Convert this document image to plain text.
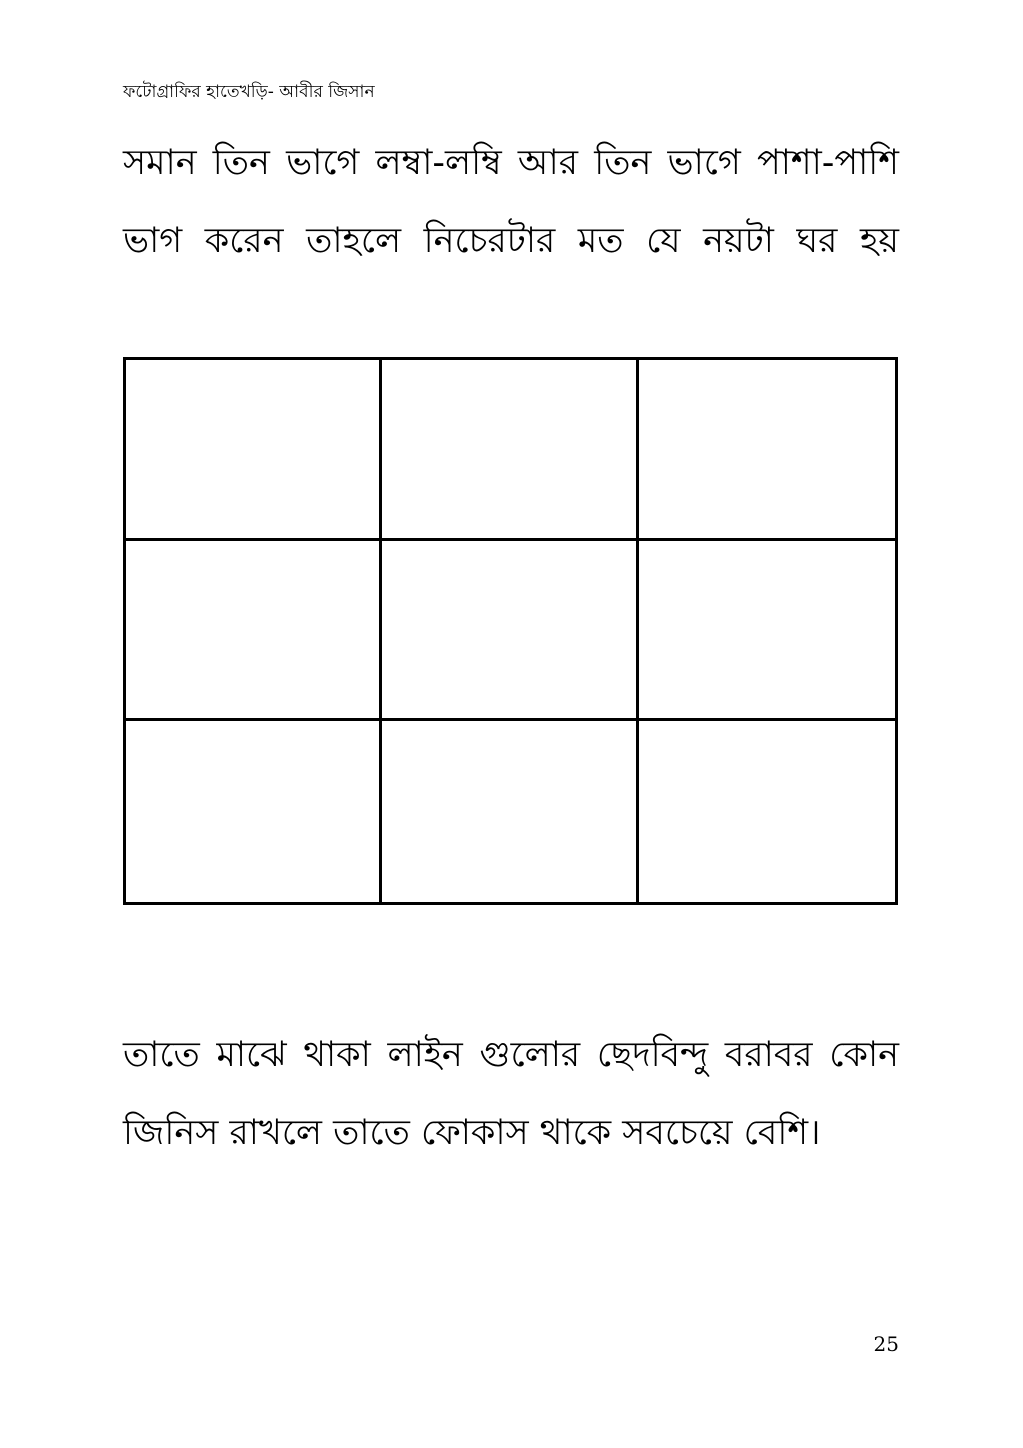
ফটোগ্রাফির হাতেখড়ি- আবীর জিসান

সমান তিন ভাগে লম্বা-লম্বি আর তিন ভাগে পাশা-পাশি
ভাগ করেন তাহলে নিচেরটার মত যে নয়টা ঘর হয়

তাতে মাঝে থাকা লাইন গুলোর ছেদবিন্দু বরাবর কোন
জিনিস রাখলে তাতে ফোকাস থাকে সবচেয়ে বেশি।

25
